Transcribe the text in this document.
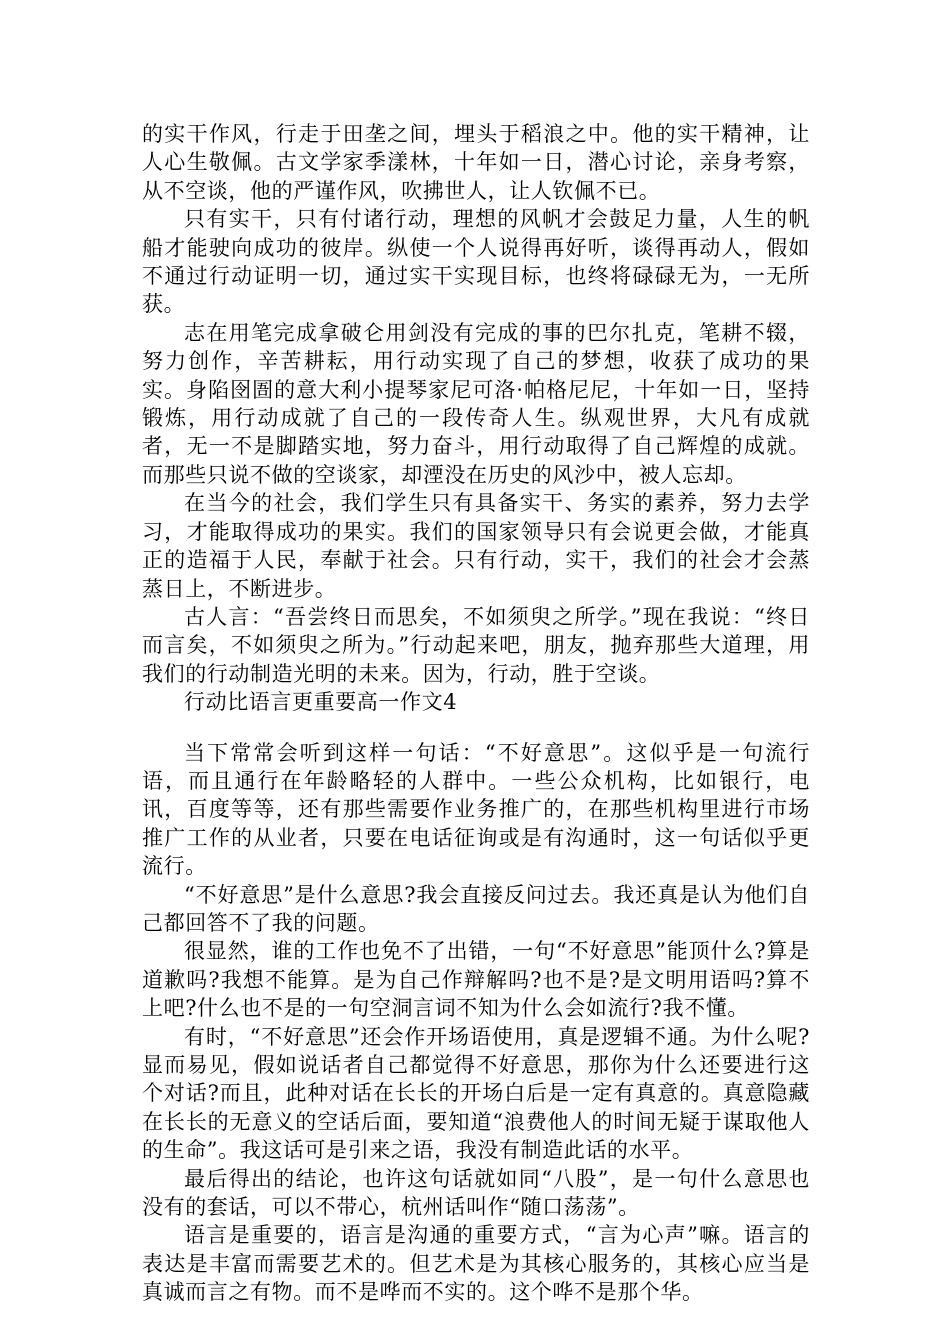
的实干作风，行走于田垄之间，埋头于稻浪之中。他的实干精神，让人心生敬佩。古文学家季漾林，十年如一日，潜心讨论，亲身考察，从不空谈，他的严谨作风，吹拂世人，让人钦佩不已。

只有实干，只有付诸行动，理想的风帆才会鼓足力量，人生的帆船才能驶向成功的彼岸。纵使一个人说得再好听，谈得再动人，假如不通过行动证明一切，通过实干实现目标，也终将碌碌无为，一无所获。

志在用笔完成拿破仑用剑没有完成的事的巴尔扎克，笔耕不辍，努力创作，辛苦耕耘，用行动实现了自己的梦想，收获了成功的果实。身陷囹圄的意大利小提琴家尼可洛·帕格尼尼，十年如一日，坚持锻炼，用行动成就了自己的一段传奇人生。纵观世界，大凡有成就者，无一不是脚踏实地，努力奋斗，用行动取得了自己辉煌的成就。而那些只说不做的空谈家，却湮没在历史的风沙中，被人忘却。

在当今的社会，我们学生只有具备实干、务实的素养，努力去学习，才能取得成功的果实。我们的国家领导只有会说更会做，才能真正的造福于人民，奉献于社会。只有行动，实干，我们的社会才会蒸蒸日上，不断进步。

古人言：“吾尝终日而思矣，不如须臾之所学。”现在我说：“终日而言矣，不如须臾之所为。”行动起来吧，朋友，抛弃那些大道理，用我们的行动制造光明的未来。因为，行动，胜于空谈。

行动比语言更重要高一作文4

当下常常会听到这样一句话：“不好意思”。这似乎是一句流行语，而且通行在年龄略轻的人群中。一些公众机构，比如银行，电讯，百度等等，还有那些需要作业务推广的，在那些机构里进行市场推广工作的从业者，只要在电话征询或是有沟通时，这一句话似乎更流行。

“不好意思”是什么意思?我会直接反问过去。我还真是认为他们自己都回答不了我的问题。

很显然，谁的工作也免不了出错，一句“不好意思”能顶什么?算是道歉吗?我想不能算。是为自己作辩解吗?也不是?是文明用语吗?算不上吧?什么也不是的一句空洞言词不知为什么会如流行?我不懂。

有时，“不好意思”还会作开场语使用，真是逻辑不通。为什么呢?显而易见，假如说话者自己都觉得不好意思，那你为什么还要进行这个对话?而且，此种对话在长长的开场白后是一定有真意的。真意隐藏在长长的无意义的空话后面，要知道“浪费他人的时间无疑于谋取他人的生命”。我这话可是引来之语，我没有制造此话的水平。

最后得出的结论，也许这句话就如同“八股”，是一句什么意思也没有的套话，可以不带心，杭州话叫作“随口荡荡”。

语言是重要的，语言是沟通的重要方式，“言为心声”嘛。语言的表达是丰富而需要艺术的。但艺术是为其核心服务的，其核心应当是真诚而言之有物。而不是哗而不实的。这个哗不是那个华。
